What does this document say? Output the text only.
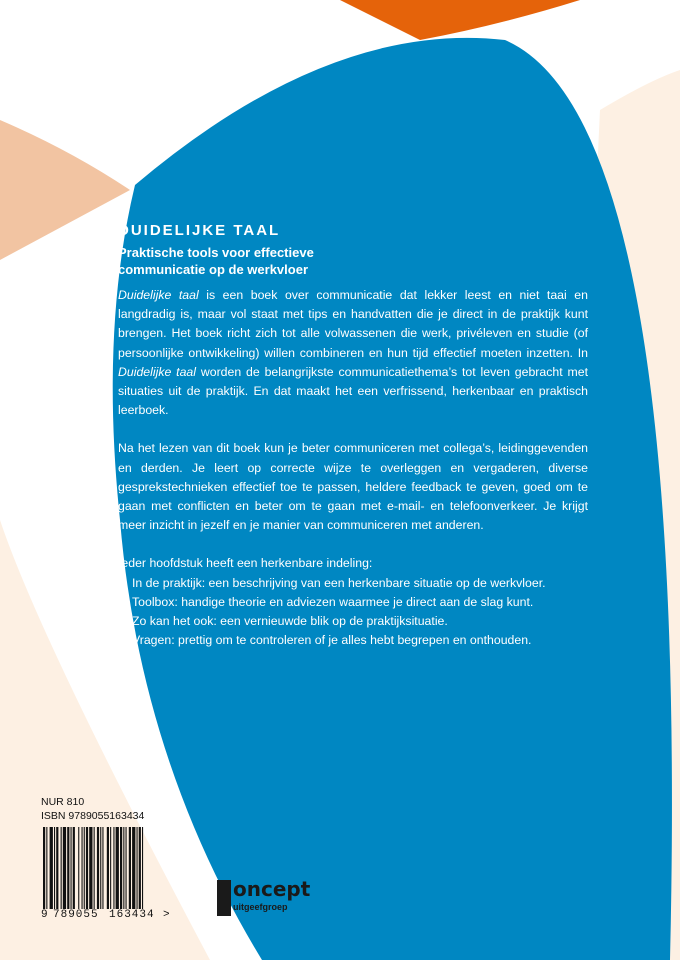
DUIDELIJKE TAAL
Praktische tools voor effectieve
communicatie op de werkvloer

Duidelijke taal is een boek over communicatie dat lekker leest en niet taai en langdradig is, maar vol staat met tips en handvatten die je direct in de praktijk kunt brengen. Het boek richt zich tot alle volwassenen die werk, privéleven en studie (of persoonlijke ontwikkeling) willen combineren en hun tijd effectief moeten inzetten. In Duidelijke taal worden de belangrijkste communicatiethema’s tot leven gebracht met situaties uit de praktijk. En dat maakt het een verfrissend, herkenbaar en praktisch leerboek.

Na het lezen van dit boek kun je beter communiceren met collega’s, leidinggevenden en derden. Je leert op correcte wijze te overleggen en vergaderen, diverse gesprekstechnieken effectief toe te passen, heldere feedback te geven, goed om te gaan met conflicten en beter om te gaan met e-mail- en telefoonverkeer. Je krijgt meer inzicht in jezelf en je manier van communiceren met anderen.

Ieder hoofdstuk heeft een herkenbare indeling:

· In de praktijk: een beschrijving van een herkenbare situatie op de werkvloer.
· Toolbox: handige theorie en adviezen waarmee je direct aan de slag kunt.
· Zo kan het ook: een vernieuwde blik op de praktijksituatie.
· Vragen: prettig om te controleren of je alles hebt begrepen en onthouden.
NUR 810
ISBN 9789055163434
9 789055 163434 >
oncept
uitgeefgroep
